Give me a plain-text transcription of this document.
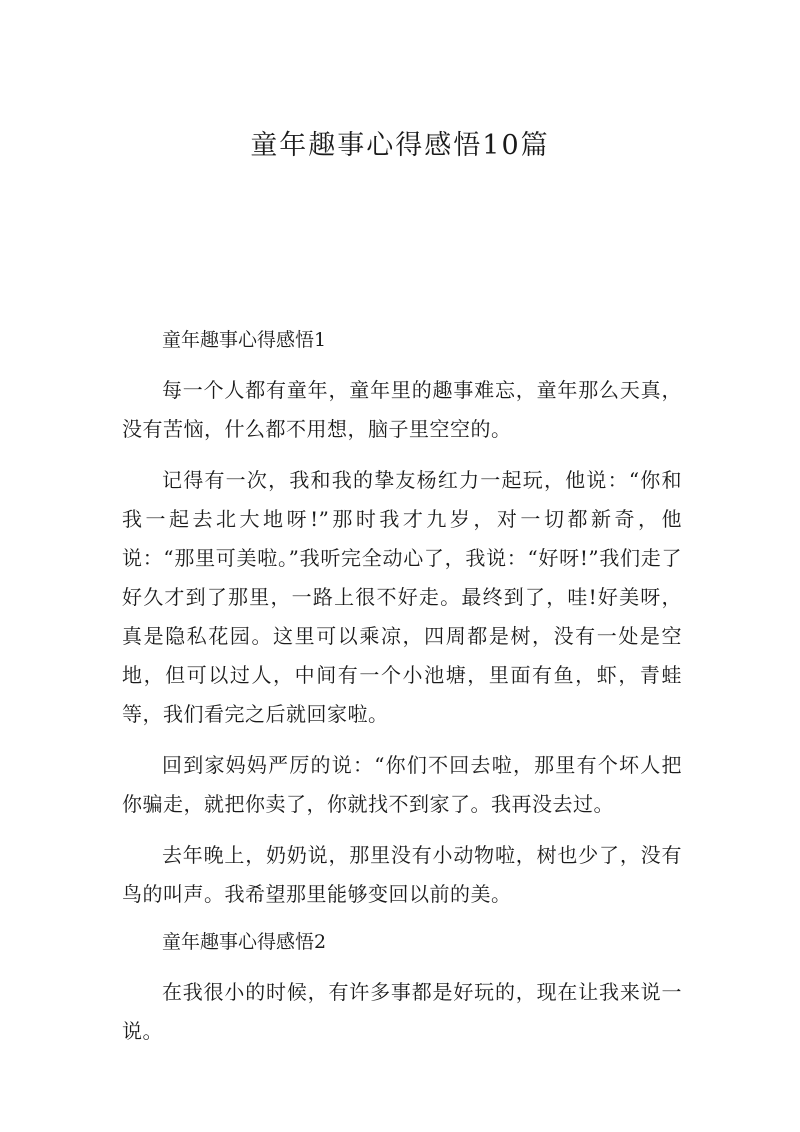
童年趣事心得感悟10篇

童年趣事心得感悟1

每一个人都有童年，童年里的趣事难忘，童年那么天真，没有苦恼，什么都不用想，脑子里空空的。

记得有一次，我和我的挚友杨红力一起玩，他说：“你和我一起去北大地呀!”那时我才九岁，对一切都新奇，他说：“那里可美啦。”我听完全动心了，我说：“好呀!”我们走了好久才到了那里，一路上很不好走。最终到了，哇!好美呀，真是隐私花园。这里可以乘凉，四周都是树，没有一处是空地，但可以过人，中间有一个小池塘，里面有鱼，虾，青蛙等，我们看完之后就回家啦。

回到家妈妈严厉的说：“你们不回去啦，那里有个坏人把你骗走，就把你卖了，你就找不到家了。我再没去过。

去年晚上，奶奶说，那里没有小动物啦，树也少了，没有鸟的叫声。我希望那里能够变回以前的美。

童年趣事心得感悟2

在我很小的时候，有许多事都是好玩的，现在让我来说一说。
